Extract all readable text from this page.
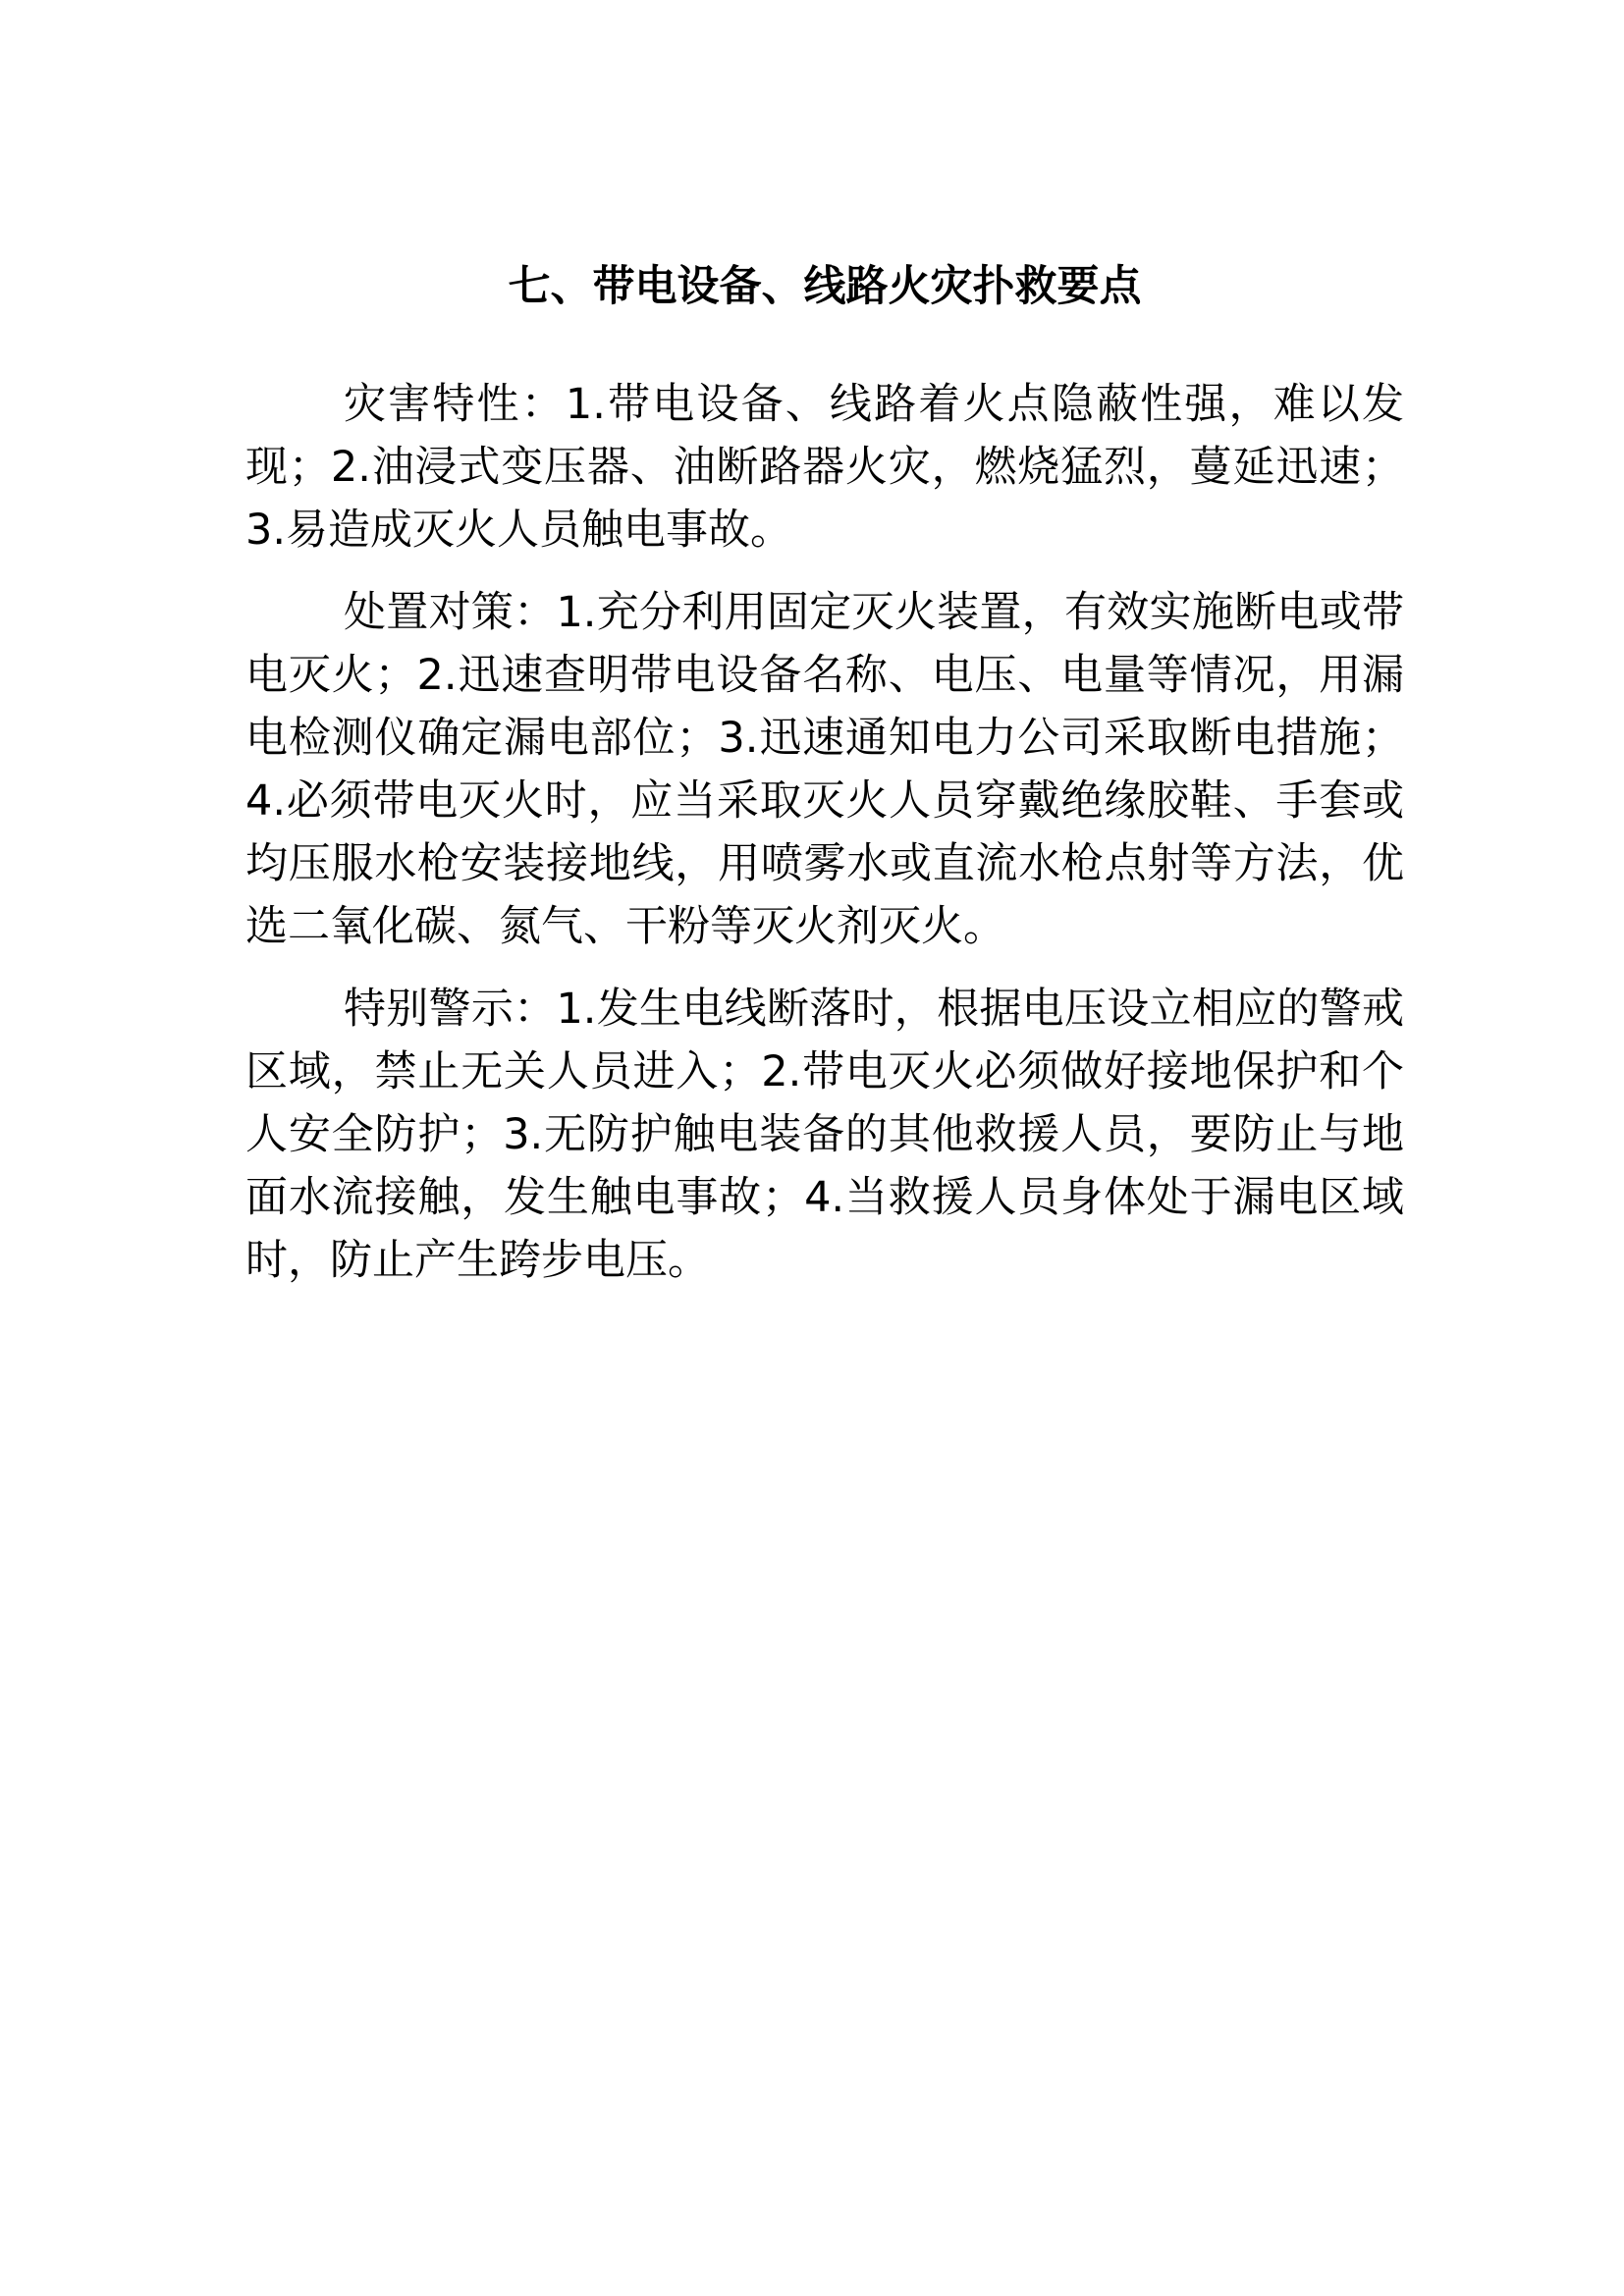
七、带电设备、线路火灾扑救要点

灾害特性：1.带电设备、线路着火点隐蔽性强，难以发现；2.油浸式变压器、油断路器火灾，燃烧猛烈，蔓延迅速；3.易造成灭火人员触电事故。

处置对策：1.充分利用固定灭火装置，有效实施断电或带电灭火；2.迅速查明带电设备名称、电压、电量等情况，用漏电检测仪确定漏电部位；3.迅速通知电力公司采取断电措施；4.必须带电灭火时，应当采取灭火人员穿戴绝缘胶鞋、手套或均压服水枪安装接地线，用喷雾水或直流水枪点射等方法，优选二氧化碳、氮气、干粉等灭火剂灭火。

特别警示：1.发生电线断落时，根据电压设立相应的警戒区域，禁止无关人员进入；2.带电灭火必须做好接地保护和个人安全防护；3.无防护触电装备的其他救援人员，要防止与地面水流接触，发生触电事故；4.当救援人员身体处于漏电区域时，防止产生跨步电压。
